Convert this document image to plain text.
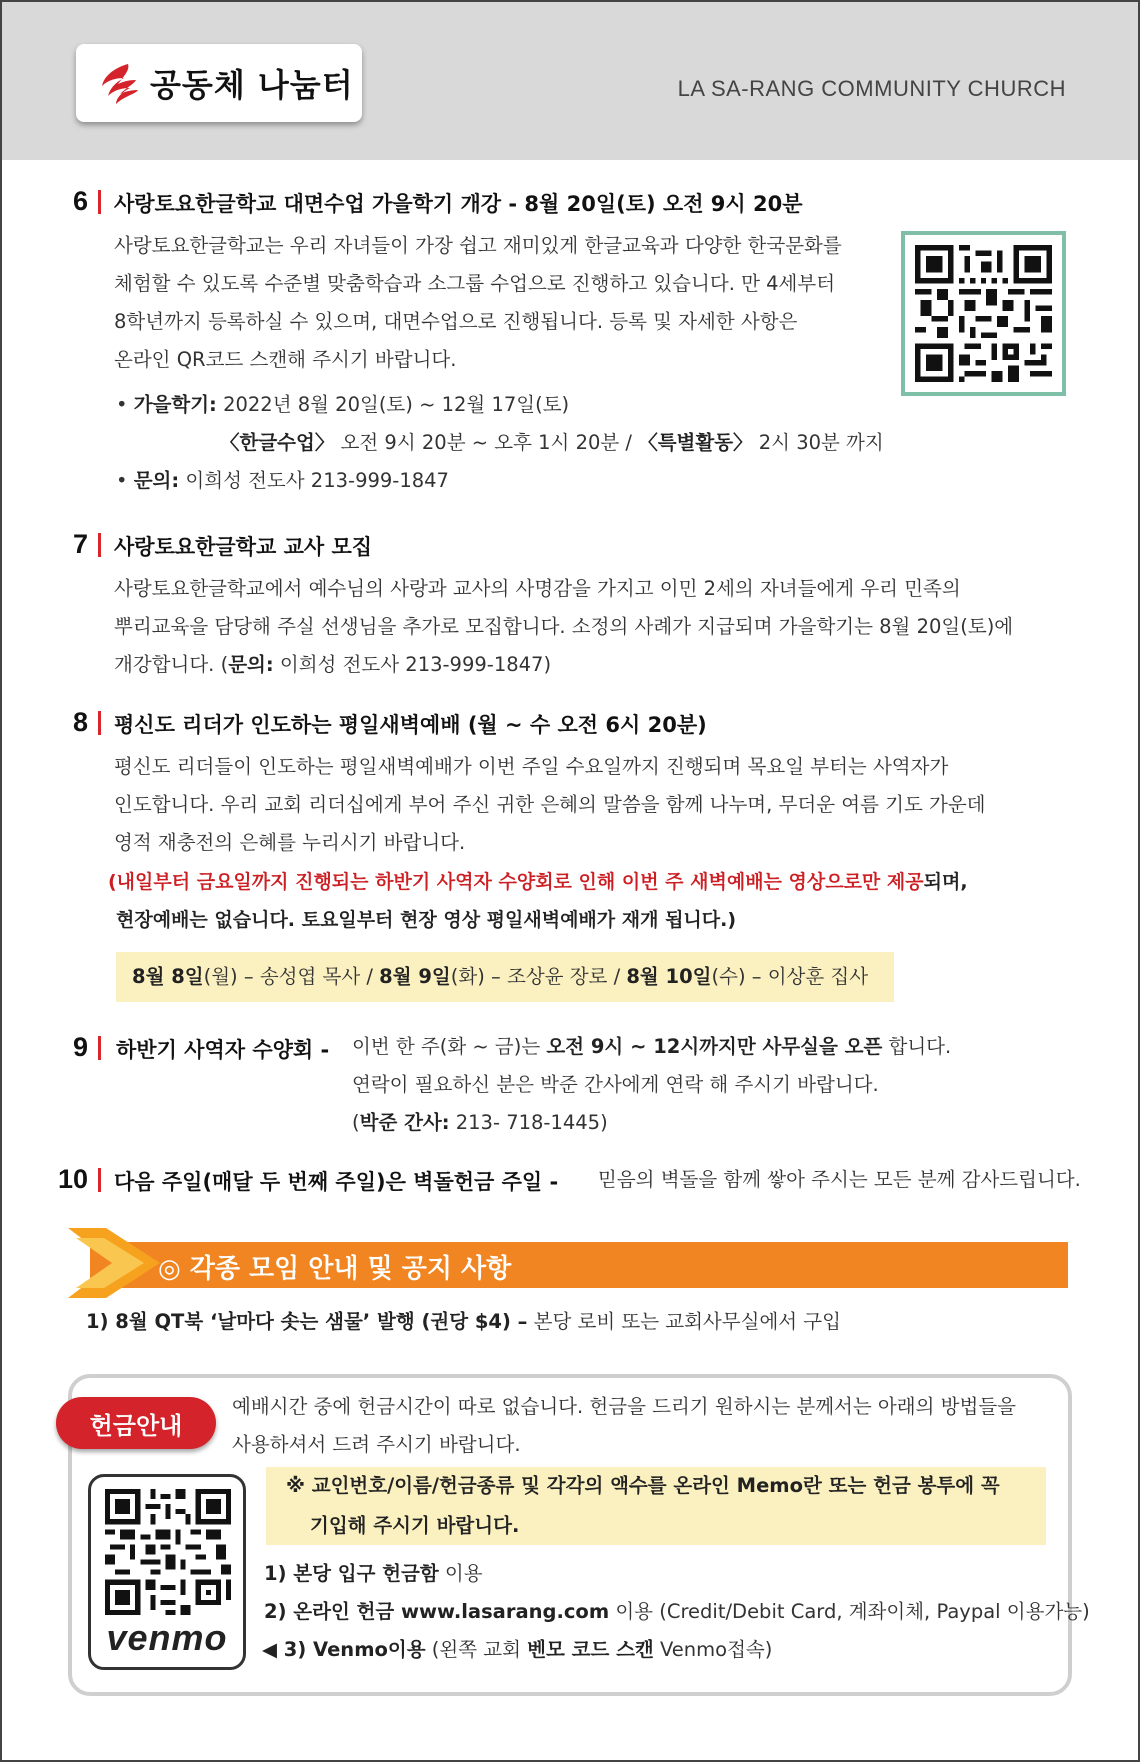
공동체 나눔터	LA SA-RANG COMMUNITY CHURCH
6 사랑토요한글학교 대면수업 가을학기 개강 - 8월 20일(토) 오전 9시 20분
사랑토요한글학교는 우리 자녀들이 가장 쉽고 재미있게 한글교육과 다양한 한국문화를
체험할 수 있도록 수준별 맞춤학습과 소그룹 수업으로 진행하고 있습니다. 만 4세부터
8학년까지 등록하실 수 있으며, 대면수업으로 진행됩니다. 등록 및 자세한 사항은
온라인 QR코드 스캔해 주시기 바랍니다.
• 가을학기: 2022년 8월 20일(토) ~ 12월 17일(토)
〈한글수업〉 오전 9시 20분 ~ 오후 1시 20분 / 〈특별활동〉 2시 30분 까지
• 문의: 이희성 전도사 213-999-1847
7 사랑토요한글학교 교사 모집
사랑토요한글학교에서 예수님의 사랑과 교사의 사명감을 가지고 이민 2세의 자녀들에게 우리 민족의
뿌리교육을 담당해 주실 선생님을 추가로 모집합니다. 소정의 사례가 지급되며 가을학기는 8월 20일(토)에
개강합니다. (문의: 이희성 전도사 213-999-1847)
8 평신도 리더가 인도하는 평일새벽예배 (월 ~ 수 오전 6시 20분)
평신도 리더들이 인도하는 평일새벽예배가 이번 주일 수요일까지 진행되며 목요일 부터는 사역자가
인도합니다. 우리 교회 리더십에게 부어 주신 귀한 은혜의 말씀을 함께 나누며, 무더운 여름 기도 가운데
영적 재충전의 은혜를 누리시기 바랍니다.
(내일부터 금요일까지 진행되는 하반기 사역자 수양회로 인해 이번 주 새벽예배는 영상으로만 제공되며,
현장예배는 없습니다. 토요일부터 현장 영상 평일새벽예배가 재개 됩니다.)
8월 8일(월) – 송성엽 목사 / 8월 9일(화) – 조상윤 장로 / 8월 10일(수) – 이상훈 집사
9 하반기 사역자 수양회 - 이번 한 주(화 ~ 금)는 오전 9시 ~ 12시까지만 사무실을 오픈 합니다.
연락이 필요하신 분은 박준 간사에게 연락 해 주시기 바랍니다.
(박준 간사: 213- 718-1445)
10 다음 주일(매달 두 번째 주일)은 벽돌헌금 주일 - 믿음의 벽돌을 함께 쌓아 주시는 모든 분께 감사드립니다.
◎ 각종 모임 안내 및 공지 사항
1) 8월 QT북 ‘날마다 솟는 샘물’ 발행 (권당 $4) – 본당 로비 또는 교회사무실에서 구입
헌금안내
예배시간 중에 헌금시간이 따로 없습니다. 헌금을 드리기 원하시는 분께서는 아래의 방법들을
사용하셔서 드려 주시기 바랍니다.
※ 교인번호/이름/헌금종류 및 각각의 액수를 온라인 Memo란 또는 헌금 봉투에 꼭
기입해 주시기 바랍니다.
1) 본당 입구 헌금함 이용
2) 온라인 헌금 www.lasarang.com 이용 (Credit/Debit Card, 계좌이체, Paypal 이용가능)
◀ 3) Venmo이용 (왼쪽 교회 벤모 코드 스캔 Venmo접속)
venmo
